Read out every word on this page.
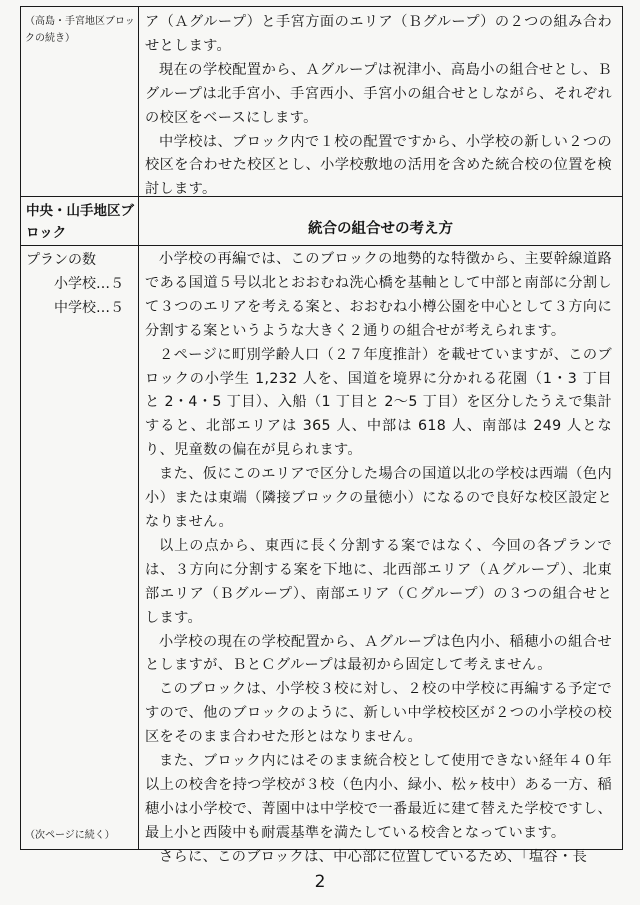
（高島・手宮地区ブロックの続き）

ア（Ａグループ）と手宮方面のエリア（Ｂグループ）の２つの組み合わせとします。

現在の学校配置から、Ａグループは祝津小、高島小の組合せとし、Ｂグループは北手宮小、手宮西小、手宮小の組合せとしながら、それぞれの校区をベースにします。

中学校は、ブロック内で１校の配置ですから、小学校の新しい２つの校区を合わせた校区とし、小学校敷地の活用を含めた統合校の位置を検討します。

中央・山手地区ブロック	統合の組合せの考え方
プランの数
小学校…５
中学校…５

小学校の再編では、このブロックの地勢的な特徴から、主要幹線道路である国道５号以北とおおむね洗心橋を基軸として中部と南部に分割して３つのエリアを考える案と、おおむね小樽公園を中心として３方向に分割する案というような大きく２通りの組合せが考えられます。

２ページに町別学齢人口（２７年度推計）を載せていますが、このブロックの小学生 1,232 人を、国道を境界に分かれる花園（1・3 丁目と 2・4・5 丁目）、入船（1 丁目と 2～5 丁目）を区分したうえで集計すると、北部エリアは 365 人、中部は 618 人、南部は 249 人となり、児童数の偏在が見られます。

また、仮にこのエリアで区分した場合の国道以北の学校は西端（色内小）または東端（隣接ブロックの量徳小）になるので良好な校区設定となりません。

以上の点から、東西に長く分割する案ではなく、今回の各プランでは、３方向に分割する案を下地に、北西部エリア（Ａグループ）、北東部エリア（Ｂグループ）、南部エリア（Ｃグループ）の３つの組合せとします。

小学校の現在の学校配置から、Ａグループは色内小、稲穂小の組合せとしますが、ＢとＣグループは最初から固定して考えません。

このブロックは、小学校３校に対し、２校の中学校に再編する予定ですので、他のブロックのように、新しい中学校校区が２つの小学校の校区をそのまま合わせた形とはなりません。

また、ブロック内にはそのまま統合校として使用できない経年４０年以上の校舎を持つ学校が３校（色内小、緑小、松ヶ枝中）ある一方、稲穂小は小学校で、菁園中は中学校で一番最近に建て替えた学校ですし、最上小と西陵中も耐震基準を満たしている校舎となっています。

さらに、このブロックは、中心部に位置しているため、「塩谷・長

（次ページに続く）
2
